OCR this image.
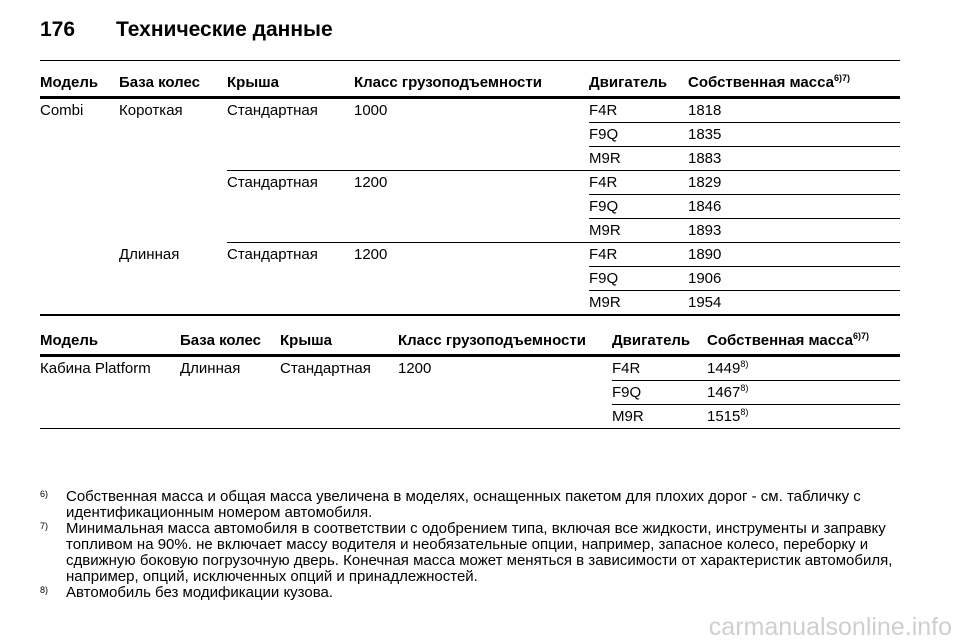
176 Технические данные
Модель	База колес	Крыша	Класс грузоподъемности	Двигатель	Собственная масса$^{6)7)}$
Combi	Короткая	Стандартная	1000	F4R	1818
				F9Q	1835
				M9R	1883
		Стандартная	1200	F4R	1829
				F9Q	1846
				M9R	1893
	Длинная	Стандартная	1200	F4R	1890
				F9Q	1906
				M9R	1954
Модель	База колес	Крыша	Класс грузоподъемности	Двигатель	Собственная масса$^{6)7)}$
Кабина Platform	Длинная	Стандартная	1200	F4R	1449$^{8)}$
				F9Q	1467$^{8)}$
				M9R	1515$^{8)}$
6) Собственная масса и общая масса увеличена в моделях, оснащенных пакетом для плохих дорог - см. табличку с идентификационным номером автомобиля.
7) Минимальная масса автомобиля в соответствии с одобрением типа, включая все жидкости, инструменты и заправку топливом на 90%. не включает массу водителя и необязательные опции, например, запасное колесо, переборку и сдвижную боковую погрузочную дверь. Конечная масса может меняться в зависимости от характеристик автомобиля, например, опций, исключенных опций и принадлежностей.
8) Автомобиль без модификации кузова.
carmanualsonline.info
